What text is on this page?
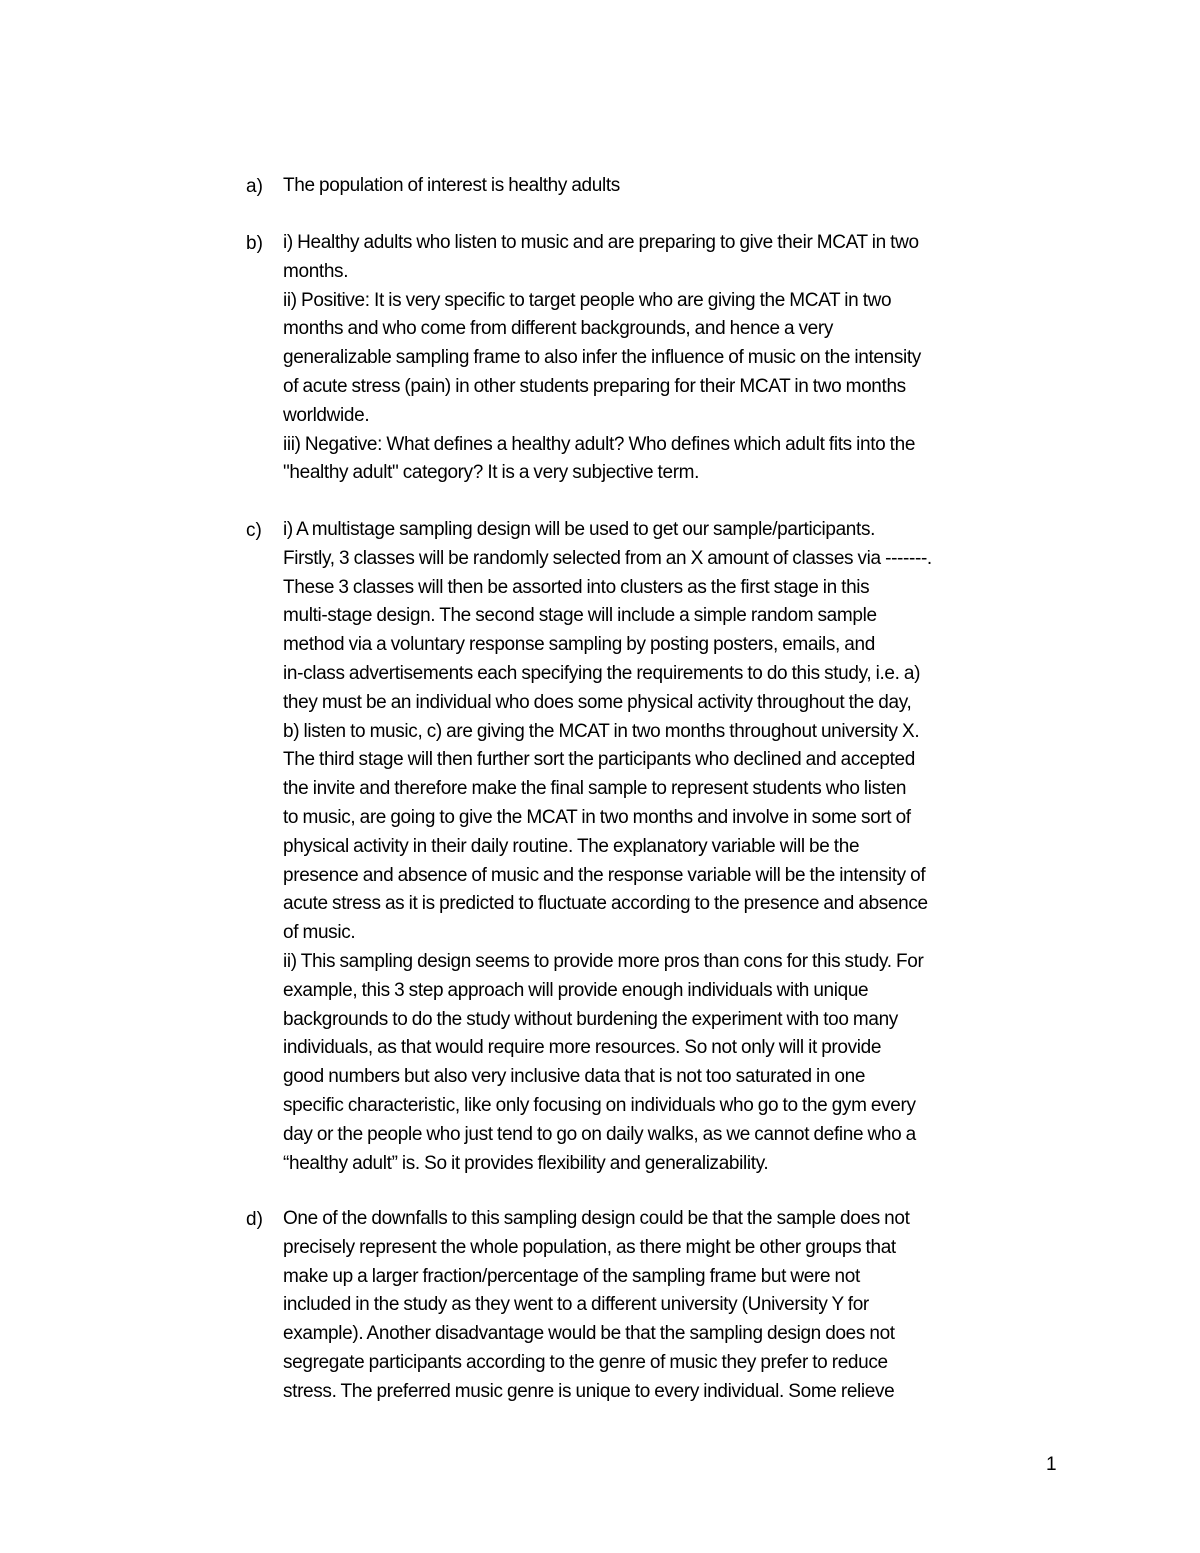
a) The population of interest is healthy adults
b) i) Healthy adults who listen to music and are preparing to give their MCAT in two
months.
ii) Positive: It is very specific to target people who are giving the MCAT in two
months and who come from different backgrounds, and hence a very
generalizable sampling frame to also infer the influence of music on the intensity
of acute stress (pain) in other students preparing for their MCAT in two months
worldwide.
iii) Negative: What defines a healthy adult? Who defines which adult fits into the
"healthy adult" category? It is a very subjective term.
c) i) A multistage sampling design will be used to get our sample/participants.
Firstly, 3 classes will be randomly selected from an X amount of classes via -------.
These 3 classes will then be assorted into clusters as the first stage in this
multi-stage design. The second stage will include a simple random sample
method via a voluntary response sampling by posting posters, emails, and
in-class advertisements each specifying the requirements to do this study, i.e. a)
they must be an individual who does some physical activity throughout the day,
b) listen to music, c) are giving the MCAT in two months throughout university X.
The third stage will then further sort the participants who declined and accepted
the invite and therefore make the final sample to represent students who listen
to music, are going to give the MCAT in two months and involve in some sort of
physical activity in their daily routine. The explanatory variable will be the
presence and absence of music and the response variable will be the intensity of
acute stress as it is predicted to fluctuate according to the presence and absence
of music.
ii) This sampling design seems to provide more pros than cons for this study. For
example, this 3 step approach will provide enough individuals with unique
backgrounds to do the study without burdening the experiment with too many
individuals, as that would require more resources. So not only will it provide
good numbers but also very inclusive data that is not too saturated in one
specific characteristic, like only focusing on individuals who go to the gym every
day or the people who just tend to go on daily walks, as we cannot define who a
“healthy adult” is. So it provides flexibility and generalizability.
d) One of the downfalls to this sampling design could be that the sample does not
precisely represent the whole population, as there might be other groups that
make up a larger fraction/percentage of the sampling frame but were not
included in the study as they went to a different university (University Y for
example). Another disadvantage would be that the sampling design does not
segregate participants according to the genre of music they prefer to reduce
stress. The preferred music genre is unique to every individual. Some relieve
1
